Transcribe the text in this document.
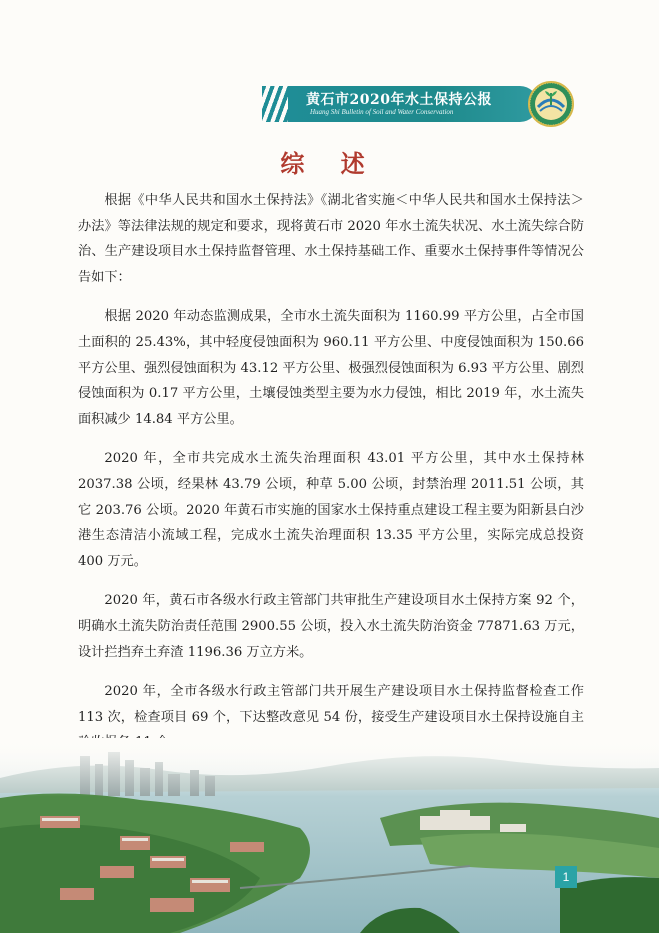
黄石市2020年水土保持公报
Huang Shi Bulletin of Soil and Water Conservation
综 述

根据《中华人民共和国水土保持法》《湖北省实施＜中华人民共和国水土保持法＞办法》等法律法规的规定和要求，现将黄石市 2020 年水土流失状况、水土流失综合防治、生产建设项目水土保持监督管理、水土保持基础工作、重要水土保持事件等情况公告如下：

根据 2020 年动态监测成果，全市水土流失面积为 1160.99 平方公里，占全市国土面积的 25.43%，其中轻度侵蚀面积为 960.11 平方公里、中度侵蚀面积为 150.66 平方公里、强烈侵蚀面积为 43.12 平方公里、极强烈侵蚀面积为 6.93 平方公里、剧烈侵蚀面积为 0.17 平方公里，土壤侵蚀类型主要为水力侵蚀，相比 2019 年，水土流失面积减少 14.84 平方公里。

2020 年，全市共完成水土流失治理面积 43.01 平方公里，其中水土保持林 2037.38 公顷，经果林 43.79 公顷，种草 5.00 公顷，封禁治理 2011.51 公顷，其它 203.76 公顷。2020 年黄石市实施的国家水土保持重点建设工程主要为阳新县白沙港生态清洁小流域工程，完成水土流失治理面积 13.35 平方公里，实际完成总投资 400 万元。

2020 年，黄石市各级水行政主管部门共审批生产建设项目水土保持方案 92 个，明确水土流失防治责任范围 2900.55 公顷，投入水土流失防治资金 77871.63 万元，设计拦挡弃土弃渣 1196.36 万立方米。

2020 年，全市各级水行政主管部门共开展生产建设项目水土保持监督检查工作 113 次，检查项目 69 个，下达整改意见 54 份，接受生产建设项目水土保持设施自主

1
